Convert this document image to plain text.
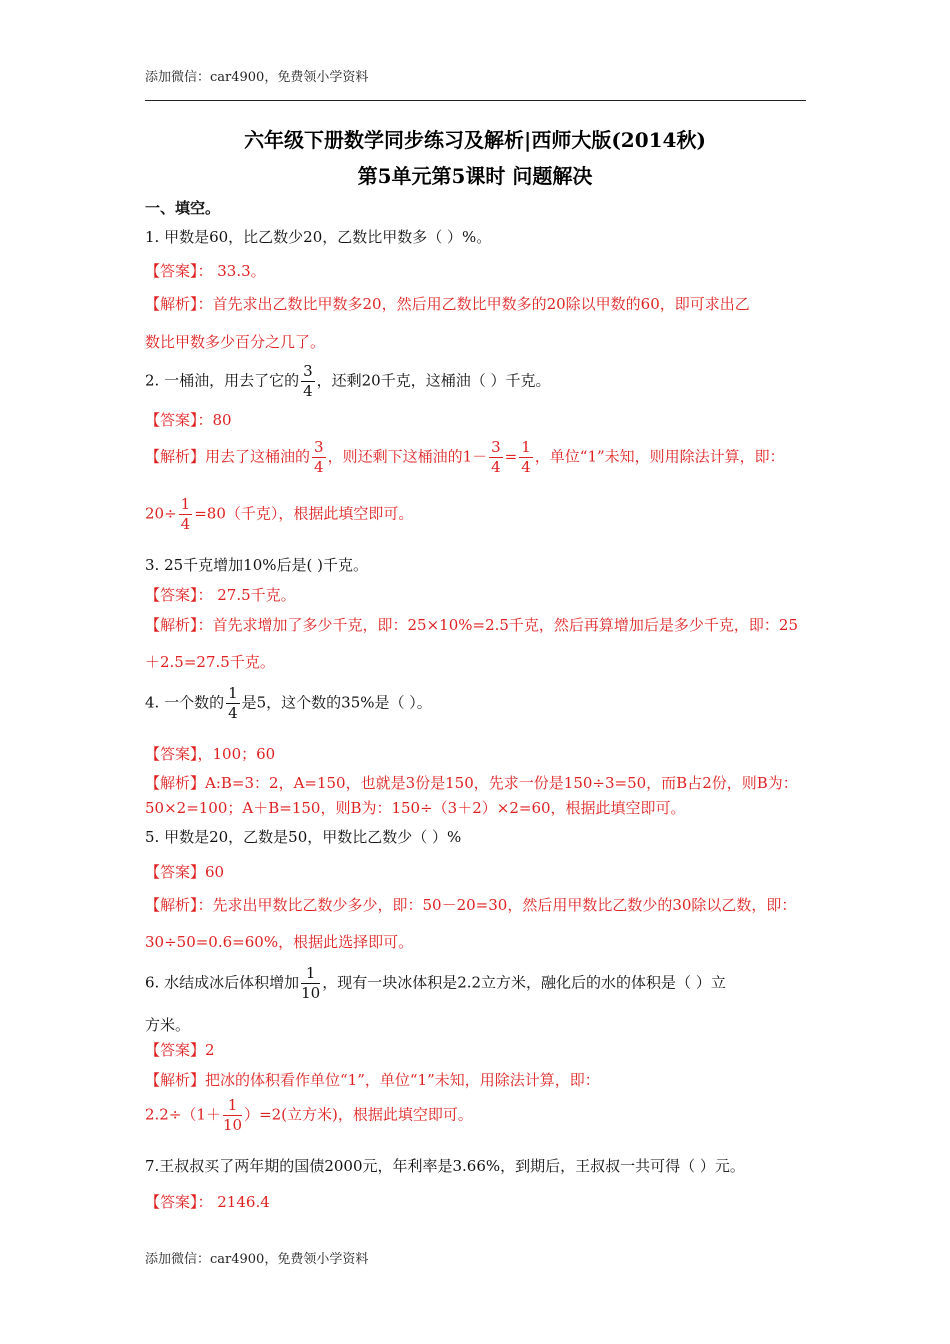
添加微信：car4900，免费领小学资料
六年级下册数学同步练习及解析|西师大版(2014秋)
第5单元第5课时 问题解决
一、填空。
1. 甲数是60，比乙数少20，乙数比甲数多（ ）%。
【答案】： 33.3。
【解析】：首先求出乙数比甲数多20，然后用乙数比甲数多的20除以甲数的60，即可求出乙
数比甲数多少百分之几了。
2. 一桶油，用去了它的 $\frac{3}{4}$ ，还剩20千克，这桶油（ ）千克。
【答案】：80
【解析】用去了这桶油的 $\frac{3}{4}$ ，则还剩下这桶油的$1- \frac{3}{4} = \frac{1}{4}$ ，单位“1”未知，则用除法计算，即：
$20\div \frac{1}{4} =80$（千克），根据此填空即可。
3. 25千克增加10%后是( )千克。
【答案】： 27.5千克。
【解析】：首先求增加了多少千克，即：25×10%=2.5千克，然后再算增加后是多少千克，即：25
＋2.5=27.5千克。
4. 一个数的 $\frac{1}{4}$ 是5，这个数的35%是（ ）。
【答案】，100；60
【解析】A:B=3：2，A=150，也就是3份是150，先求一份是150÷3=50，而B占2份，则B为：
50×2=100；A＋B=150，则B为：150÷（3＋2）×2=60，根据此填空即可。
5. 甲数是20，乙数是50，甲数比乙数少（ ）%
【答案】60
【解析】：先求出甲数比乙数少多少，即：50－20=30，然后用甲数比乙数少的30除以乙数，即：
30÷50=0.6=60%，根据此选择即可。
6. 水结成冰后体积增加 $\frac{1}{10}$ ，现有一块冰体积是2.2立方米，融化后的水的体积是（ ）立
方米。
【答案】2
【解析】把冰的体积看作单位“1”，单位“1”未知，用除法计算，即：
$2.2\div(1+ \frac{1}{10} )=2$(立方米)，根据此填空即可。
7.王叔叔买了两年期的国债2000元，年利率是3.66%，到期后，王叔叔一共可得（ ）元。
【答案】： 2146.4
添加微信：car4900，免费领小学资料
